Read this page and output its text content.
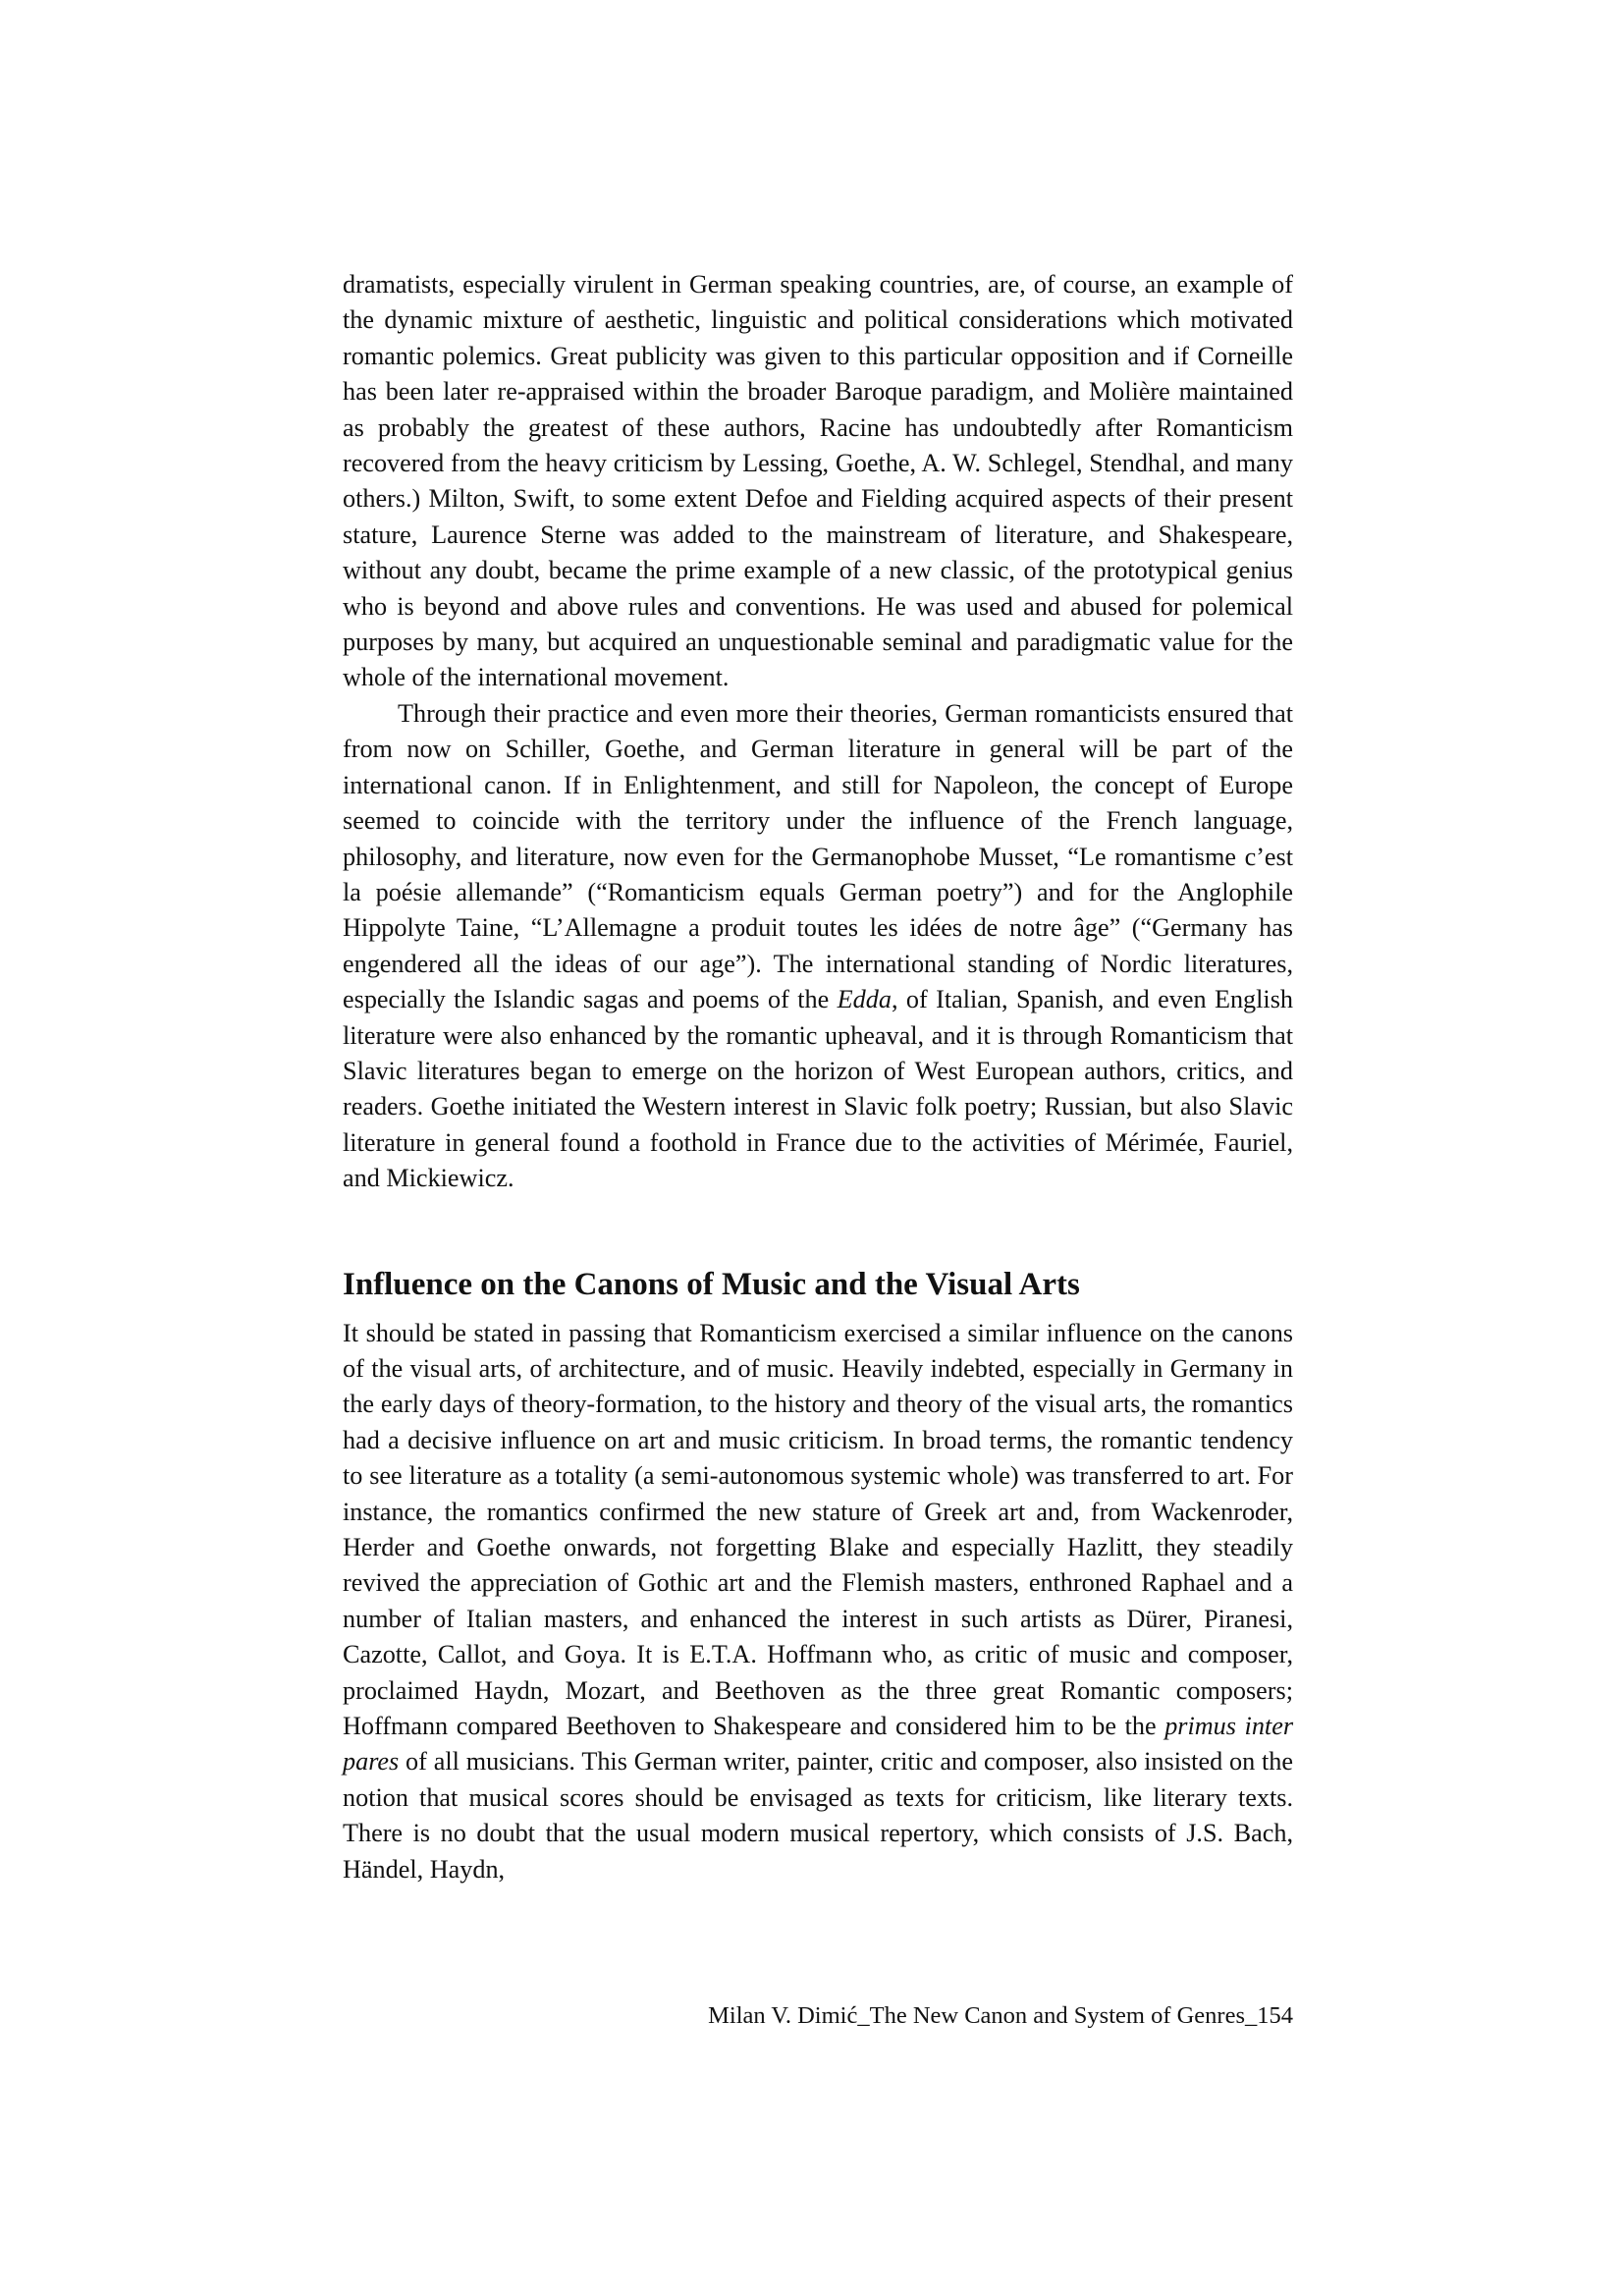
dramatists, especially virulent in German speaking countries, are, of course, an example of the dynamic mixture of aesthetic, linguistic and political considerations which motivated romantic polemics. Great publicity was given to this particular opposition and if Corneille has been later re-appraised within the broader Baroque paradigm, and Molière maintained as probably the greatest of these authors, Racine has undoubtedly after Romanticism recovered from the heavy criticism by Lessing, Goethe, A. W. Schlegel, Stendhal, and many others.) Milton, Swift, to some extent Defoe and Fielding acquired aspects of their present stature, Laurence Sterne was added to the mainstream of literature, and Shakespeare, without any doubt, became the prime example of a new classic, of the prototypical genius who is beyond and above rules and conventions. He was used and abused for polemical purposes by many, but acquired an unquestionable seminal and paradigmatic value for the whole of the international movement.

Through their practice and even more their theories, German romanticists ensured that from now on Schiller, Goethe, and German literature in general will be part of the international canon. If in Enlightenment, and still for Napoleon, the concept of Europe seemed to coincide with the territory under the influence of the French language, philosophy, and literature, now even for the Germanophobe Musset, “Le romantisme c’est la poésie allemande” (“Romanticism equals German poetry”) and for the Anglophile Hippolyte Taine, “L’Allemagne a produit toutes les idées de notre âge” (“Germany has engendered all the ideas of our age”). The international standing of Nordic literatures, especially the Islandic sagas and poems of the Edda, of Italian, Spanish, and even English literature were also enhanced by the romantic upheaval, and it is through Romanticism that Slavic literatures began to emerge on the horizon of West European authors, critics, and readers. Goethe initiated the Western interest in Slavic folk poetry; Russian, but also Slavic literature in general found a foothold in France due to the activities of Mérimée, Fauriel, and Mickiewicz.

Influence on the Canons of Music and the Visual Arts

It should be stated in passing that Romanticism exercised a similar influence on the canons of the visual arts, of architecture, and of music. Heavily indebted, especially in Germany in the early days of theory-formation, to the history and theory of the visual arts, the romantics had a decisive influence on art and music criticism. In broad terms, the romantic tendency to see literature as a totality (a semi-autonomous systemic whole) was transferred to art. For instance, the romantics confirmed the new stature of Greek art and, from Wackenroder, Herder and Goethe onwards, not forgetting Blake and especially Hazlitt, they steadily revived the appreciation of Gothic art and the Flemish masters, enthroned Raphael and a number of Italian masters, and enhanced the interest in such artists as Dürer, Piranesi, Cazotte, Callot, and Goya. It is E.T.A. Hoffmann who, as critic of music and composer, proclaimed Haydn, Mozart, and Beethoven as the three great Romantic composers; Hoffmann compared Beethoven to Shakespeare and considered him to be the primus inter pares of all musicians. This German writer, painter, critic and composer, also insisted on the notion that musical scores should be envisaged as texts for criticism, like literary texts. There is no doubt that the usual modern musical repertory, which consists of J.S. Bach, Händel, Haydn,

Milan V. Dimić_The New Canon and System of Genres_154
